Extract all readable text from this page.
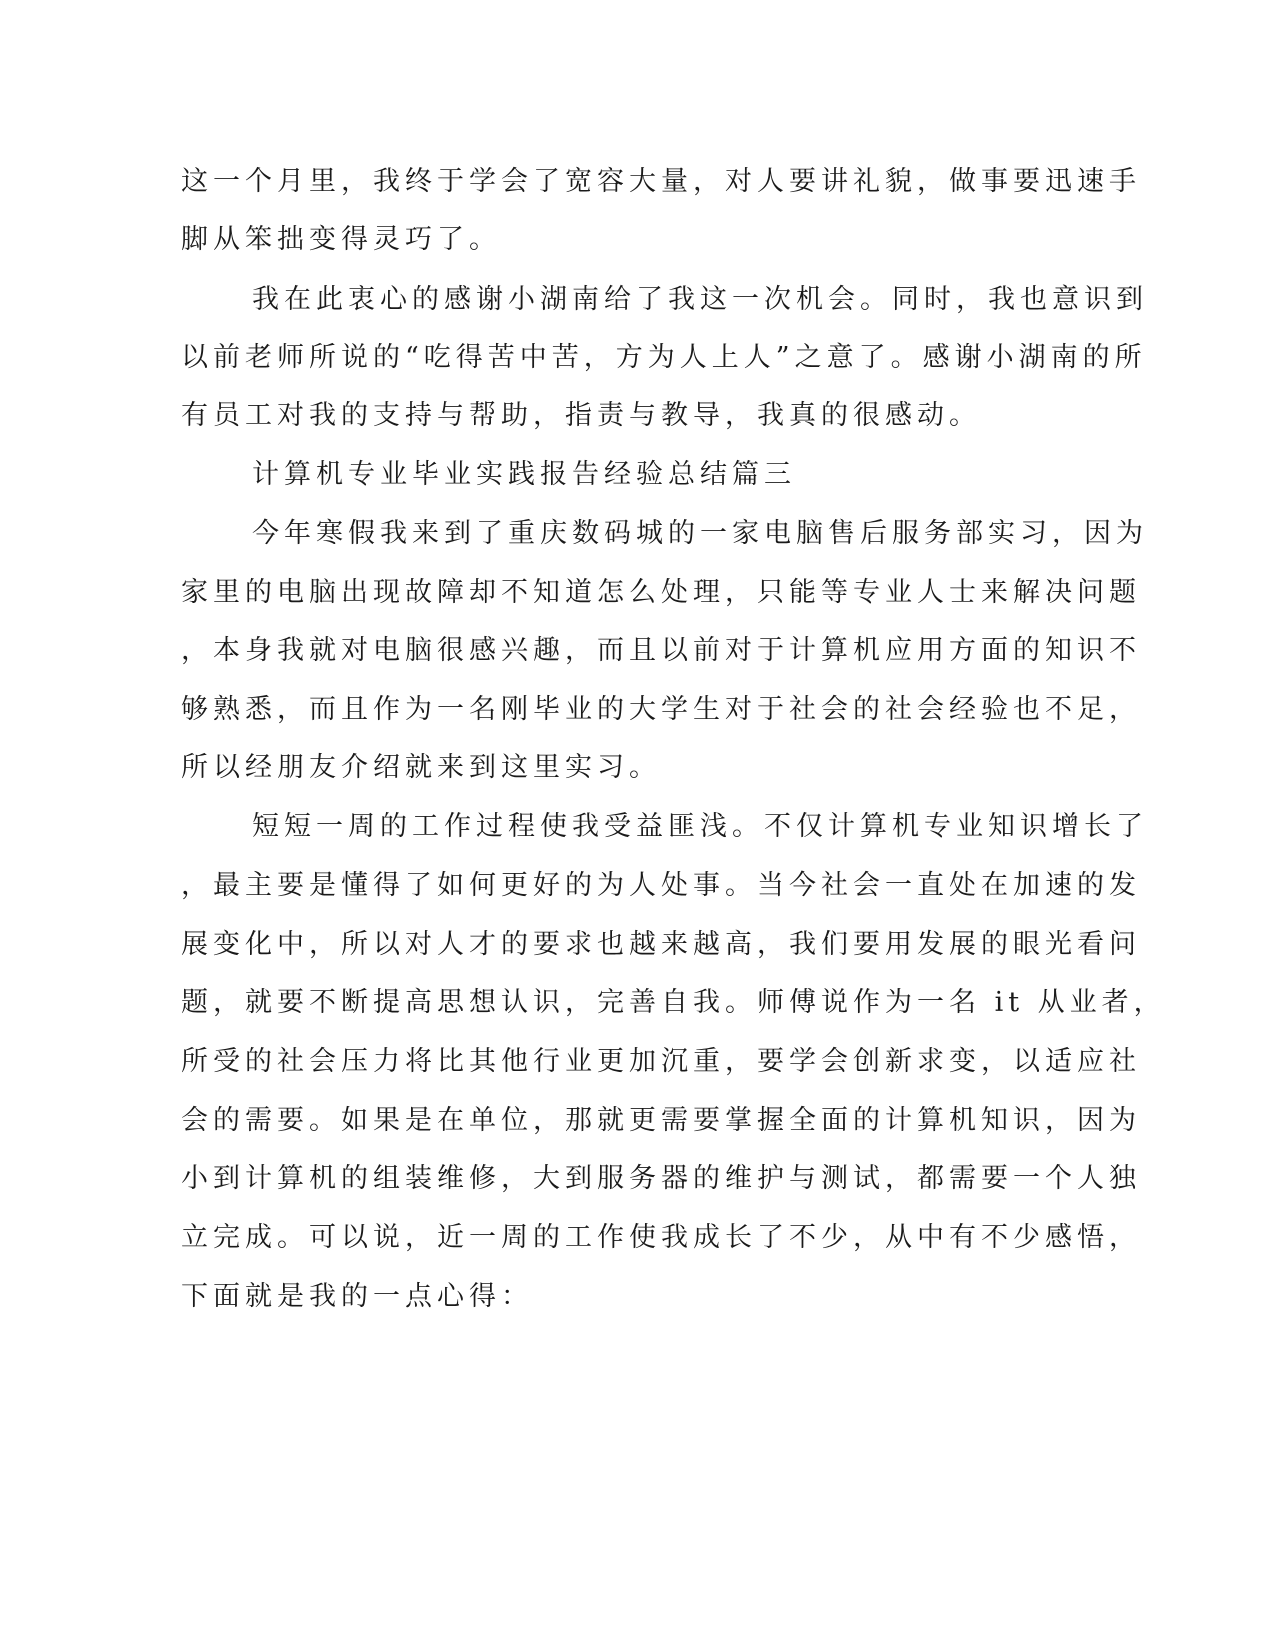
这一个月里，我终于学会了宽容大量，对人要讲礼貌，做事要迅速手
脚从笨拙变得灵巧了。
我在此衷心的感谢小湖南给了我这一次机会。同时，我也意识到
以前老师所说的“吃得苦中苦，方为人上人”之意了。感谢小湖南的所
有员工对我的支持与帮助，指责与教导，我真的很感动。
计算机专业毕业实践报告经验总结篇三
今年寒假我来到了重庆数码城的一家电脑售后服务部实习，因为
家里的电脑出现故障却不知道怎么处理，只能等专业人士来解决问题
，本身我就对电脑很感兴趣，而且以前对于计算机应用方面的知识不
够熟悉，而且作为一名刚毕业的大学生对于社会的社会经验也不足，
所以经朋友介绍就来到这里实习。
短短一周的工作过程使我受益匪浅。不仅计算机专业知识增长了
，最主要是懂得了如何更好的为人处事。当今社会一直处在加速的发
展变化中，所以对人才的要求也越来越高，我们要用发展的眼光看问
题，就要不断提高思想认识，完善自我。师傅说作为一名 it 从业者，
所受的社会压力将比其他行业更加沉重，要学会创新求变，以适应社
会的需要。如果是在单位，那就更需要掌握全面的计算机知识，因为
小到计算机的组装维修，大到服务器的维护与测试，都需要一个人独
立完成。可以说，近一周的工作使我成长了不少，从中有不少感悟，
下面就是我的一点心得：
